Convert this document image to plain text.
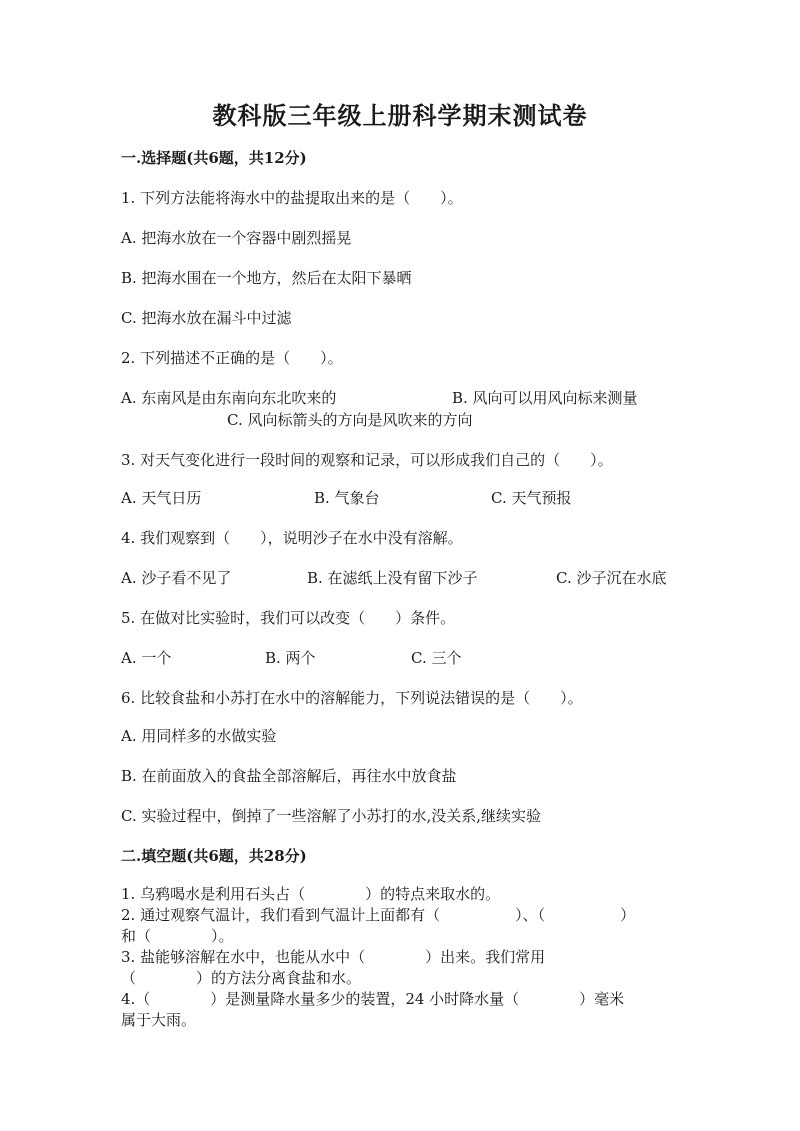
教科版三年级上册科学期末测试卷
一.选择题(共6题，共12分)
1. 下列方法能将海水中的盐提取出来的是（　　）。
A. 把海水放在一个容器中剧烈摇晃
B. 把海水围在一个地方，然后在太阳下暴晒
C. 把海水放在漏斗中过滤
2. 下列描述不正确的是（　　）。
A. 东南风是由东南向东北吹来的	B. 风向可以用风向标来测量
C. 风向标箭头的方向是风吹来的方向
3. 对天气变化进行一段时间的观察和记录，可以形成我们自己的（　　）。
A. 天气日历	B. 气象台	C. 天气预报
4. 我们观察到（　　），说明沙子在水中没有溶解。
A. 沙子看不见了	B. 在滤纸上没有留下沙子	C. 沙子沉在水底
5. 在做对比实验时，我们可以改变（　　）条件。
A. 一个	B. 两个	C. 三个
6. 比较食盐和小苏打在水中的溶解能力，下列说法错误的是（　　）。
A. 用同样多的水做实验
B. 在前面放入的食盐全部溶解后，再往水中放食盐
C. 实验过程中，倒掉了一些溶解了小苏打的水,没关系,继续实验
二.填空题(共6题，共28分)
1. 乌鸦喝水是利用石头占（　　　　）的特点来取水的。
2. 通过观察气温计，我们看到气温计上面都有（　　　　　）、（　　　　　）
和（　　　　）。
3. 盐能够溶解在水中，也能从水中（　　　　）出来。我们常用
（　　　　）的方法分离食盐和水。
4.（　　　　）是测量降水量多少的装置，24 小时降水量（　　　　）毫米
属于大雨。
